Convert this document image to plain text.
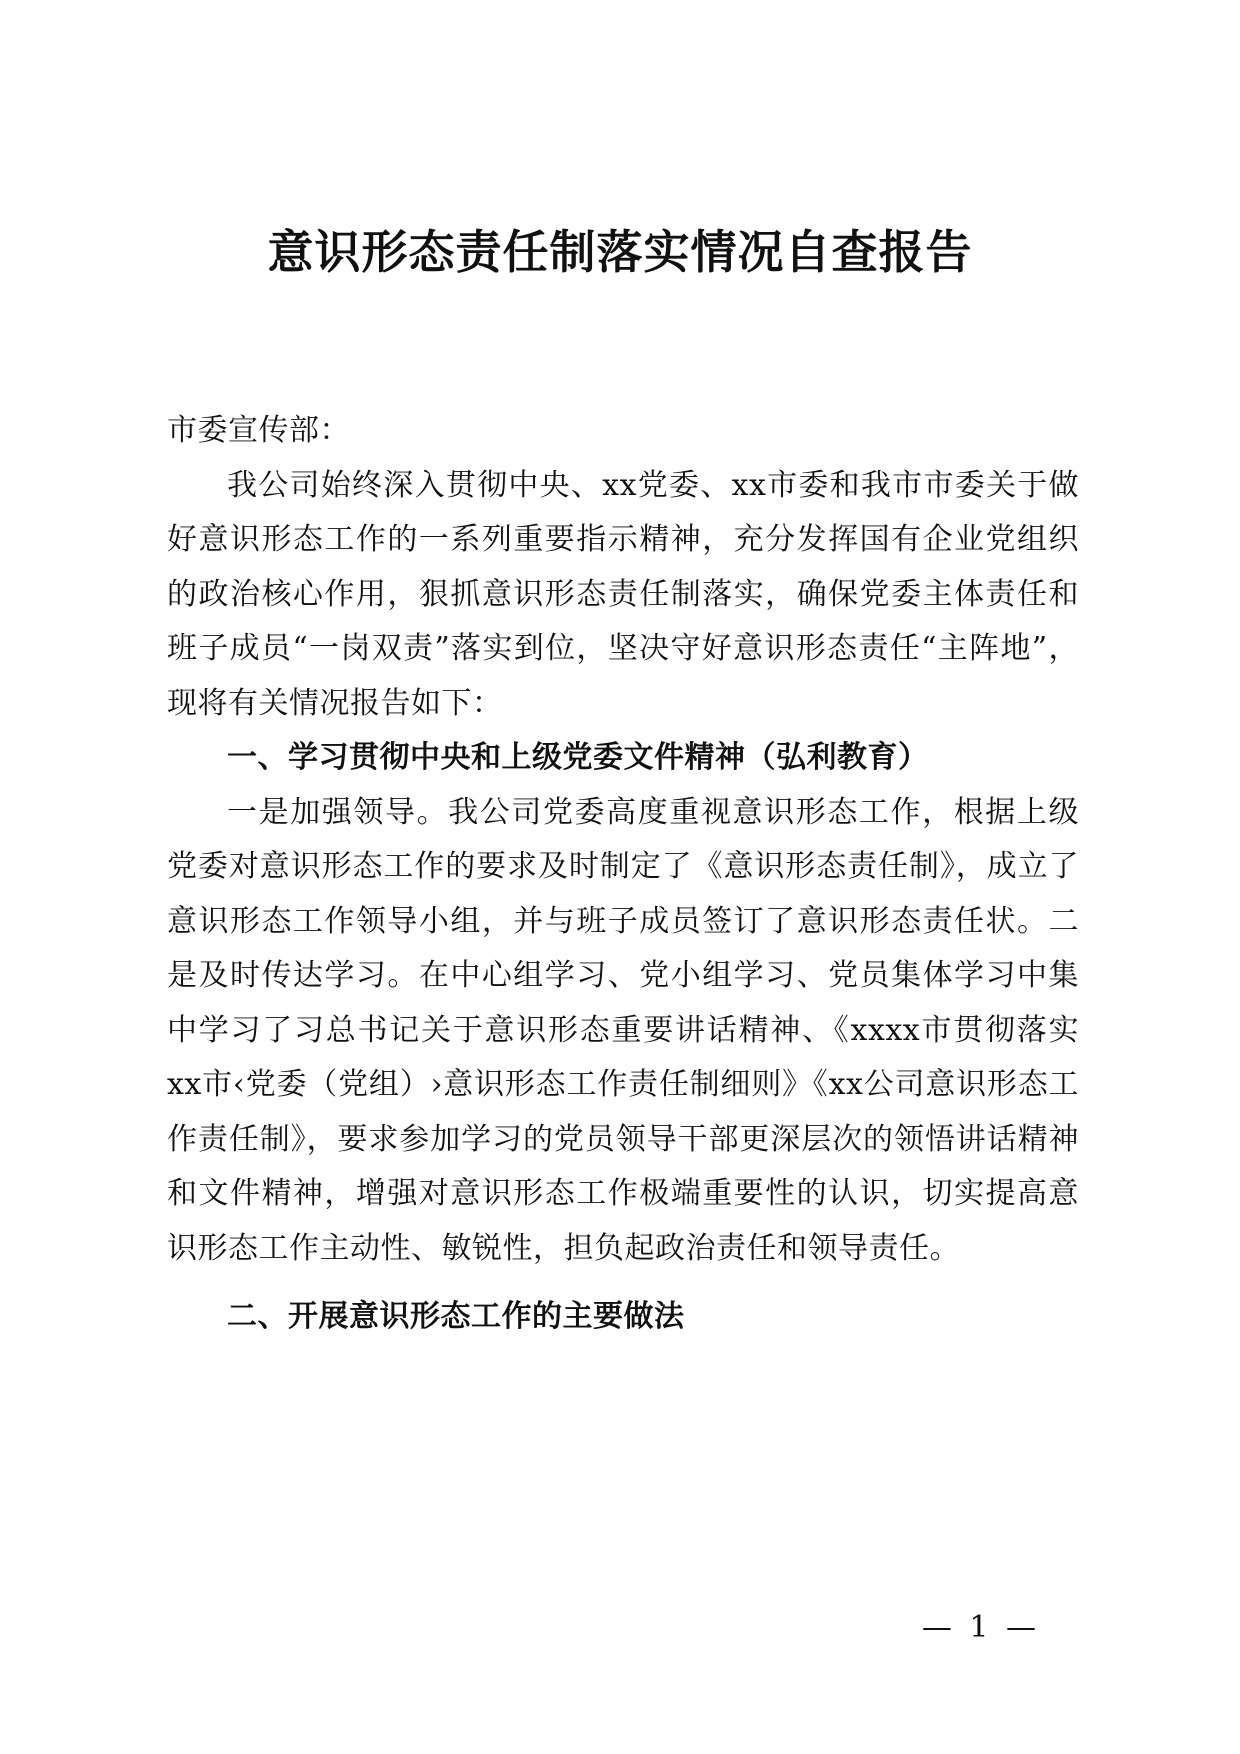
意识形态责任制落实情况自查报告

市委宣传部：

我公司始终深入贯彻中央、xx党委、xx市委和我市市委关于做好意识形态工作的一系列重要指示精神，充分发挥国有企业党组织的政治核心作用，狠抓意识形态责任制落实，确保党委主体责任和班子成员“一岗双责”落实到位，坚决守好意识形态责任“主阵地”，现将有关情况报告如下：

一、学习贯彻中央和上级党委文件精神（弘利教育）

一是加强领导。我公司党委高度重视意识形态工作，根据上级党委对意识形态工作的要求及时制定了《意识形态责任制》，成立了意识形态工作领导小组，并与班子成员签订了意识形态责任状。二是及时传达学习。在中心组学习、党小组学习、党员集体学习中集中学习了习总书记关于意识形态重要讲话精神、《xxxx市贯彻落实xx市‹党委（党组）›意识形态工作责任制细则》《xx公司意识形态工作责任制》，要求参加学习的党员领导干部更深层次的领悟讲话精神和文件精神，增强对意识形态工作极端重要性的认识，切实提高意识形态工作主动性、敏锐性，担负起政治责任和领导责任。

二、开展意识形态工作的主要做法

— 1 —
